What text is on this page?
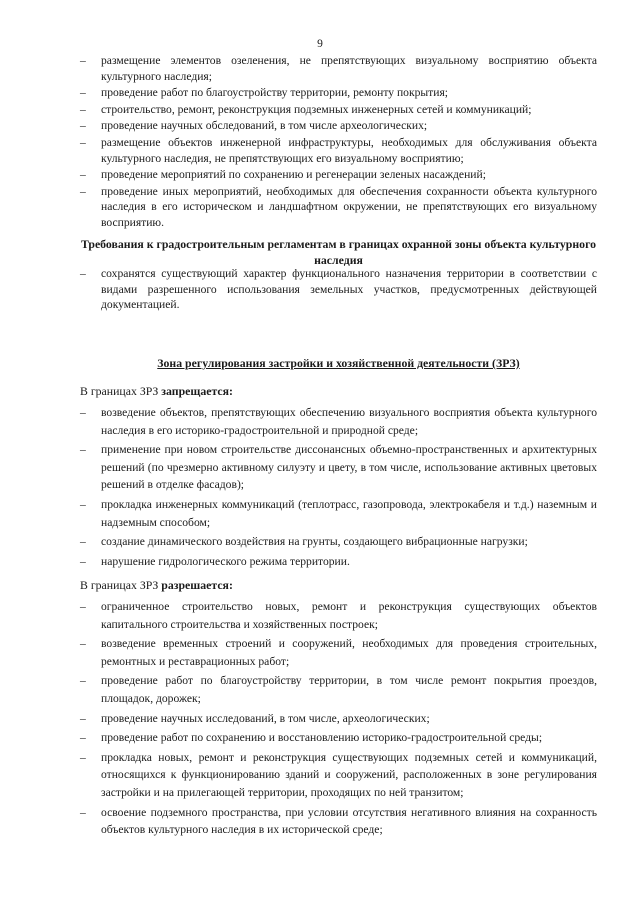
9
– размещение элементов озеленения, не препятствующих визуальному восприятию объекта культурного наследия;
– проведение работ по благоустройству территории, ремонту покрытия;
– строительство, ремонт, реконструкция подземных инженерных сетей и коммуникаций;
– проведение научных обследований, в том числе археологических;
– размещение объектов инженерной инфраструктуры, необходимых для обслуживания объекта культурного наследия, не препятствующих его визуальному восприятию;
– проведение мероприятий по сохранению и регенерации зеленых насаждений;
– проведение иных мероприятий, необходимых для обеспечения сохранности объекта культурного наследия в его историческом и ландшафтном окружении, не препятствующих его визуальному восприятию.
Требования к градостроительным регламентам в границах охранной зоны объекта культурного наследия
– сохранятся существующий характер функционального назначения территории в соответствии с видами разрешенного использования земельных участков, предусмотренных действующей документацией.
Зона регулирования застройки и хозяйственной деятельности (ЗРЗ)
В границах ЗРЗ запрещается:
– возведение объектов, препятствующих обеспечению визуального восприятия объекта культурного наследия в его историко-градостроительной и природной среде;
– применение при новом строительстве диссонансных объемно-пространственных и архитектурных решений (по чрезмерно активному силуэту и цвету, в том числе, использование активных цветовых решений в отделке фасадов);
– прокладка инженерных коммуникаций (теплотрасс, газопровода, электрокабеля и т.д.) наземным и надземным способом;
– создание динамического воздействия на грунты, создающего вибрационные нагрузки;
– нарушение гидрологического режима территории.
В границах ЗРЗ разрешается:
– ограниченное строительство новых, ремонт и реконструкция существующих объектов капитального строительства и хозяйственных построек;
– возведение временных строений и сооружений, необходимых для проведения строительных, ремонтных и реставрационных работ;
– проведение работ по благоустройству территории, в том числе ремонт покрытия проездов, площадок, дорожек;
– проведение научных исследований, в том числе, археологических;
– проведение работ по сохранению и восстановлению историко-градостроительной среды;
– прокладка новых, ремонт и реконструкция существующих подземных сетей и коммуникаций, относящихся к функционированию зданий и сооружений, расположенных в зоне регулирования застройки и на прилегающей территории, проходящих по ней транзитом;
– освоение подземного пространства, при условии отсутствия негативного влияния на сохранность объектов культурного наследия в их исторической среде;
